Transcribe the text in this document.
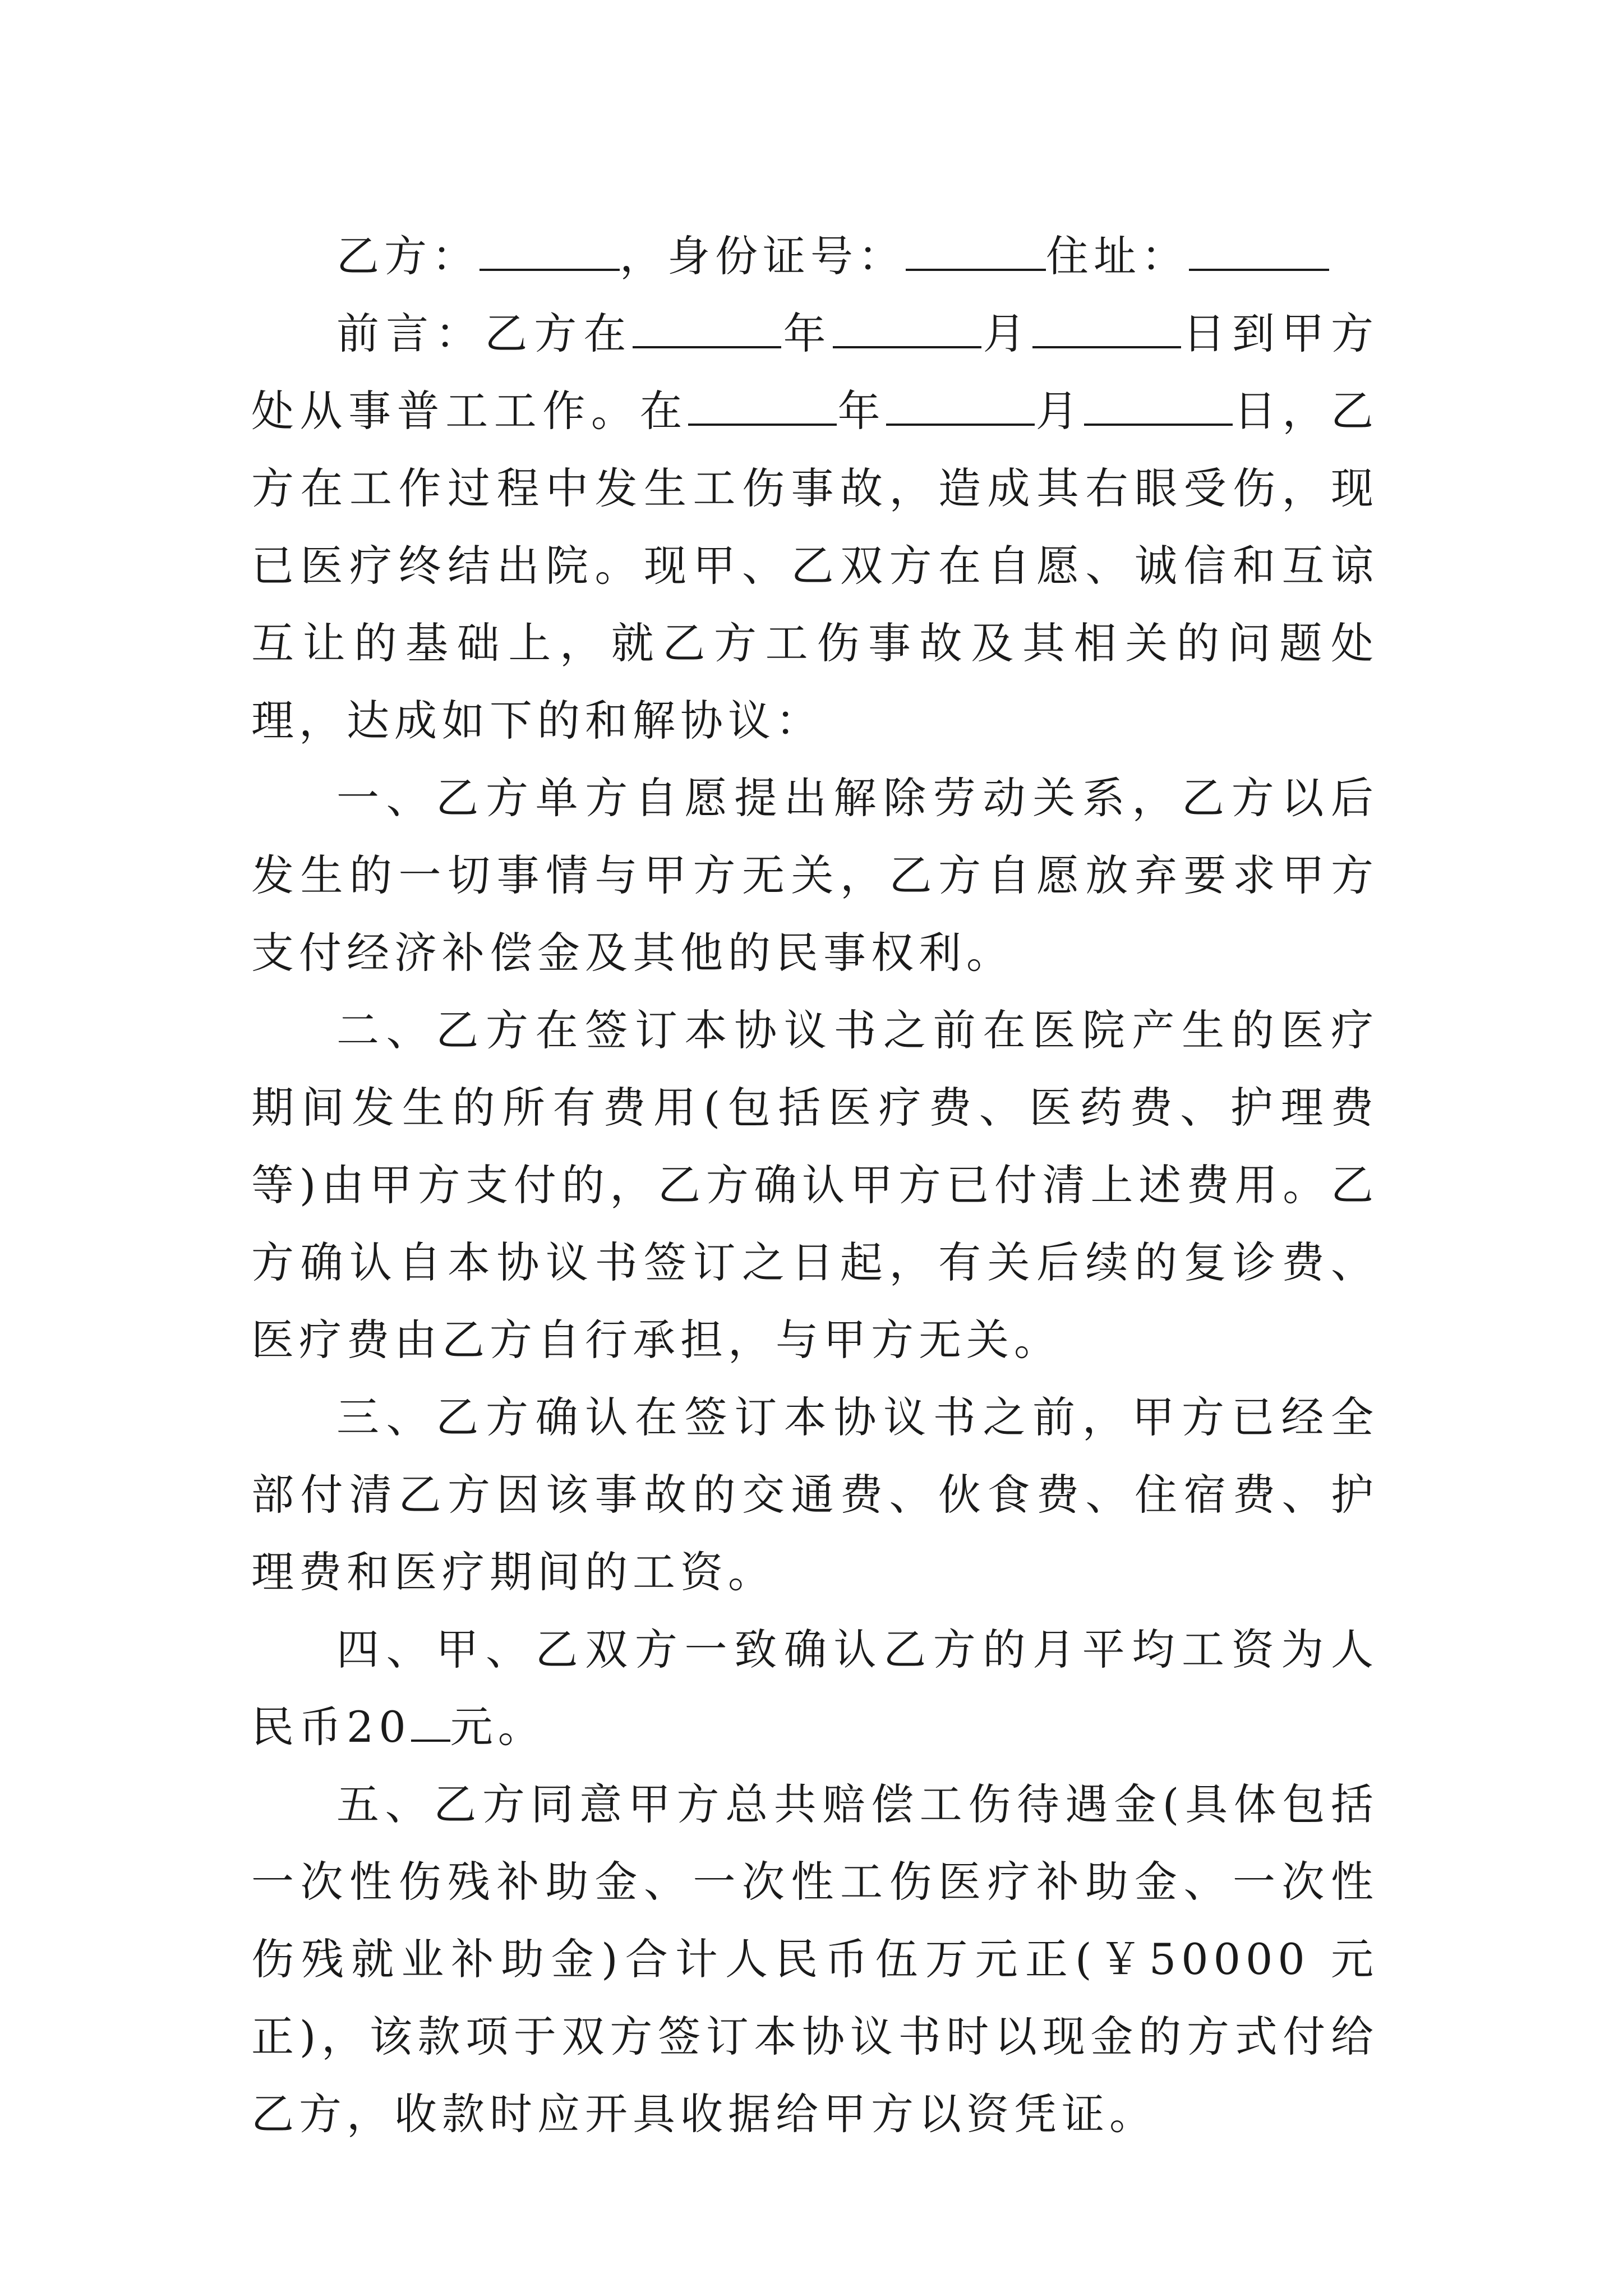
乙方：	，身份证号：	住址：

前言：乙方在	年	月	日到甲方处从事普工工作。在	年	月	日，乙方在工作过程中发生工伤事故，造成其右眼受伤，现已医疗终结出院。现甲、乙双方在自愿、诚信和互谅互让的基础上，就乙方工伤事故及其相关的问题处理，达成如下的和解协议：

一、乙方单方自愿提出解除劳动关系，乙方以后发生的一切事情与甲方无关，乙方自愿放弃要求甲方支付经济补偿金及其他的民事权利。

二、乙方在签订本协议书之前在医院产生的医疗期间发生的所有费用(包括医疗费、医药费、护理费等)由甲方支付的，乙方确认甲方已付清上述费用。乙方确认自本协议书签订之日起，有关后续的复诊费、医疗费由乙方自行承担，与甲方无关。

三、乙方确认在签订本协议书之前，甲方已经全部付清乙方因该事故的交通费、伙食费、住宿费、护理费和医疗期间的工资。

四、甲、乙双方一致确认乙方的月平均工资为人民币20 元。

五、乙方同意甲方总共赔偿工伤待遇金(具体包括一次性伤残补助金、一次性工伤医疗补助金、一次性伤残就业补助金)合计人民币伍万元正(￥50000 元正)，该款项于双方签订本协议书时以现金的方式付给乙方，收款时应开具收据给甲方以资凭证。
